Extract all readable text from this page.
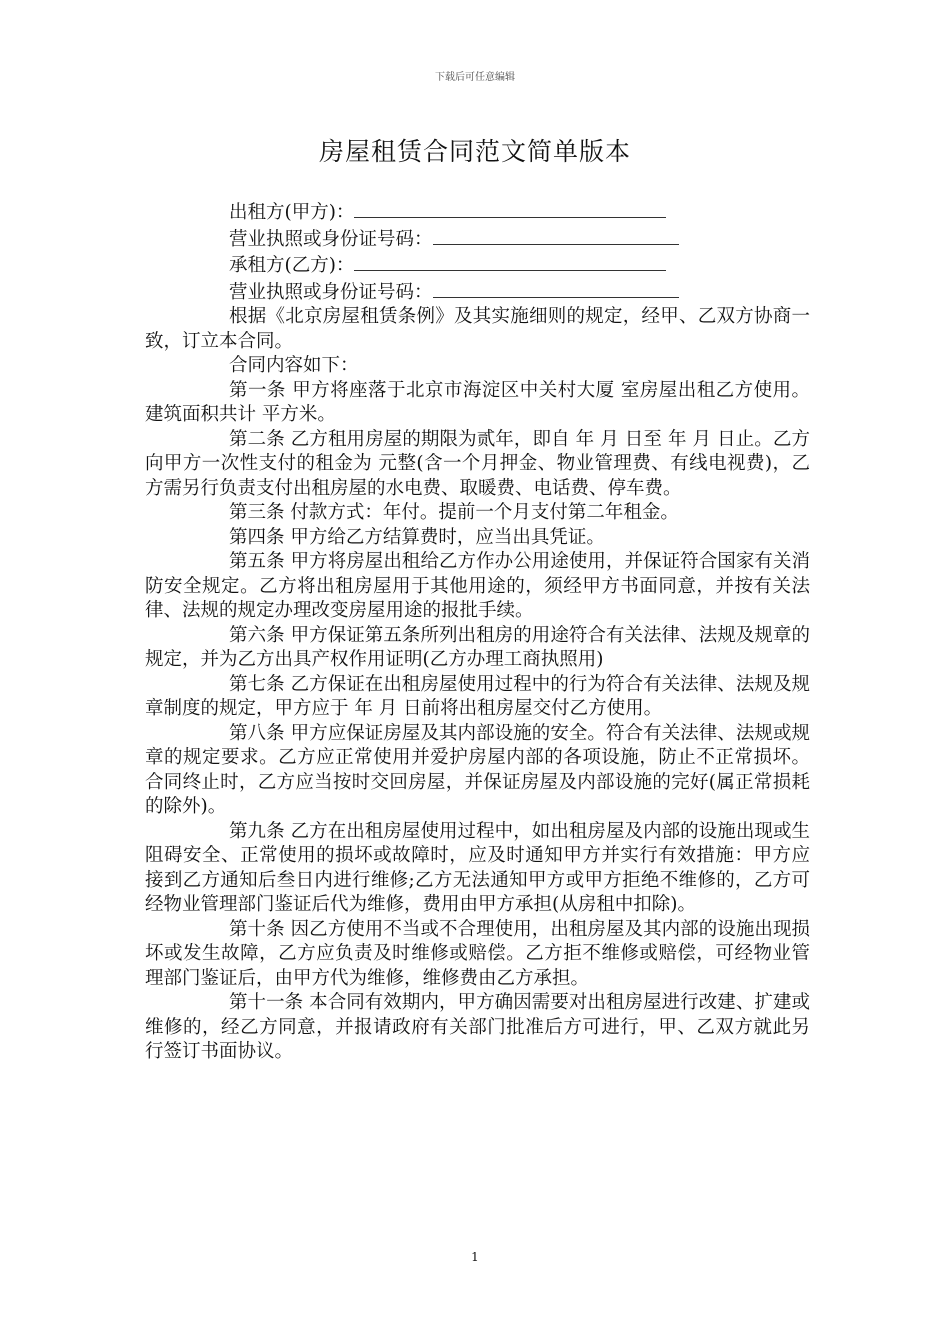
下载后可任意编辑
房屋租赁合同范文简单版本
出租方(甲方)：
营业执照或身份证号码：
承租方(乙方)：
营业执照或身份证号码：

根据《北京房屋租赁条例》及其实施细则的规定，经甲、乙双方协商一致，订立本合同。

合同内容如下：

第一条 甲方将座落于北京市海淀区中关村大厦 室房屋出租乙方使用。建筑面积共计 平方米。

第二条 乙方租用房屋的期限为贰年，即自 年 月 日至 年 月 日止。乙方向甲方一次性支付的租金为 元整(含一个月押金、物业管理费、有线电视费)，乙方需另行负责支付出租房屋的水电费、取暖费、电话费、停车费。

第三条 付款方式：年付。提前一个月支付第二年租金。

第四条 甲方给乙方结算费时，应当出具凭证。

第五条 甲方将房屋出租给乙方作办公用途使用，并保证符合国家有关消防安全规定。乙方将出租房屋用于其他用途的，须经甲方书面同意，并按有关法律、法规的规定办理改变房屋用途的报批手续。

第六条 甲方保证第五条所列出租房的用途符合有关法律、法规及规章的规定，并为乙方出具产权作用证明(乙方办理工商执照用)

第七条 乙方保证在出租房屋使用过程中的行为符合有关法律、法规及规章制度的规定，甲方应于 年 月 日前将出租房屋交付乙方使用。

第八条 甲方应保证房屋及其内部设施的安全。符合有关法律、法规或规章的规定要求。乙方应正常使用并爱护房屋内部的各项设施，防止不正常损坏。合同终止时，乙方应当按时交回房屋，并保证房屋及内部设施的完好(属正常损耗的除外)。

第九条 乙方在出租房屋使用过程中，如出租房屋及内部的设施出现或生阻碍安全、正常使用的损坏或故障时，应及时通知甲方并实行有效措施：甲方应接到乙方通知后叁日内进行维修;乙方无法通知甲方或甲方拒绝不维修的，乙方可经物业管理部门鉴证后代为维修，费用由甲方承担(从房租中扣除)。

第十条 因乙方使用不当或不合理使用，出租房屋及其内部的设施出现损坏或发生故障，乙方应负责及时维修或赔偿。乙方拒不维修或赔偿，可经物业管理部门鉴证后，由甲方代为维修，维修费由乙方承担。

第十一条 本合同有效期内，甲方确因需要对出租房屋进行改建、扩建或维修的，经乙方同意，并报请政府有关部门批准后方可进行，甲、乙双方就此另行签订书面协议。

1
